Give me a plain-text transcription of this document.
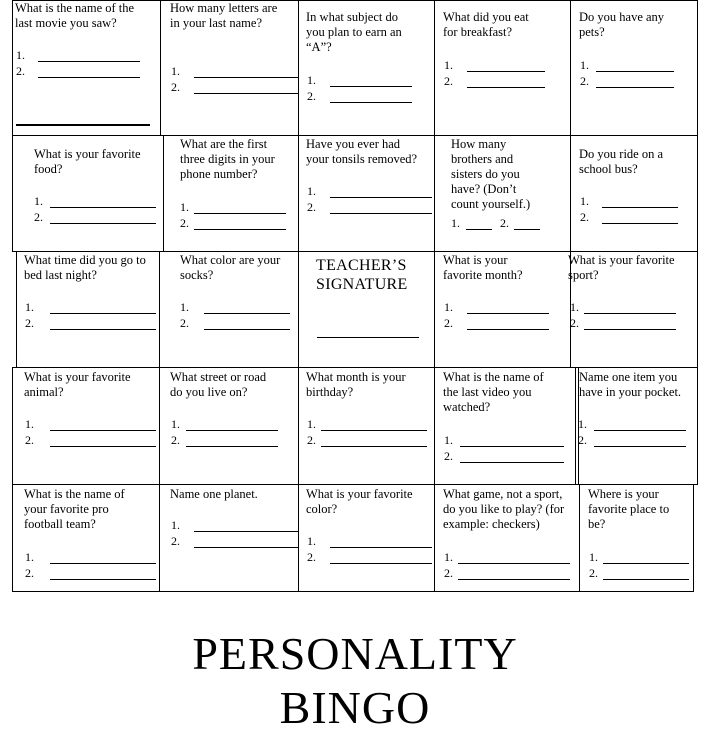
What is the name of the
last movie you saw?
1.
2.
How many letters are
in your last name?
1.
2.
In what subject do
you plan to earn an
“A”?
1.
2.
What did you eat
for breakfast?
1.
2.
Do you have any
pets?
1.
2.
What is your favorite
food?
1.
2.
What are the first
three digits in your
phone number?
1.
2.
Have you ever had
your tonsils removed?
1.
2.
How many
brothers and
sisters do you
have? (Don’t
count yourself.)
1.	2.
Do you ride on a
school bus?
1.
2.
What time did you go to
bed last night?
1.
2.
What color are your
socks?
1.
2.
TEACHER’S
SIGNATURE
What is your
favorite month?
1.
2.
What is your favorite
sport?
1.
2.
What is your favorite
animal?
1.
2.
What street or road
do you live on?
1.
2.
What month is your
birthday?
1.
2.
What is the name of
the last video you
watched?
1.
2.
Name one item you
have in your pocket.
1.
2.
What is the name of
your favorite pro
football team?
1.
2.
Name one planet.
1.
2.
What is your favorite
color?
1.
2.
What game, not a sport,
do you like to play? (for
example: checkers)
1.
2.
Where is your
favorite place to
be?
1.
2.
PERSONALITY
BINGO
